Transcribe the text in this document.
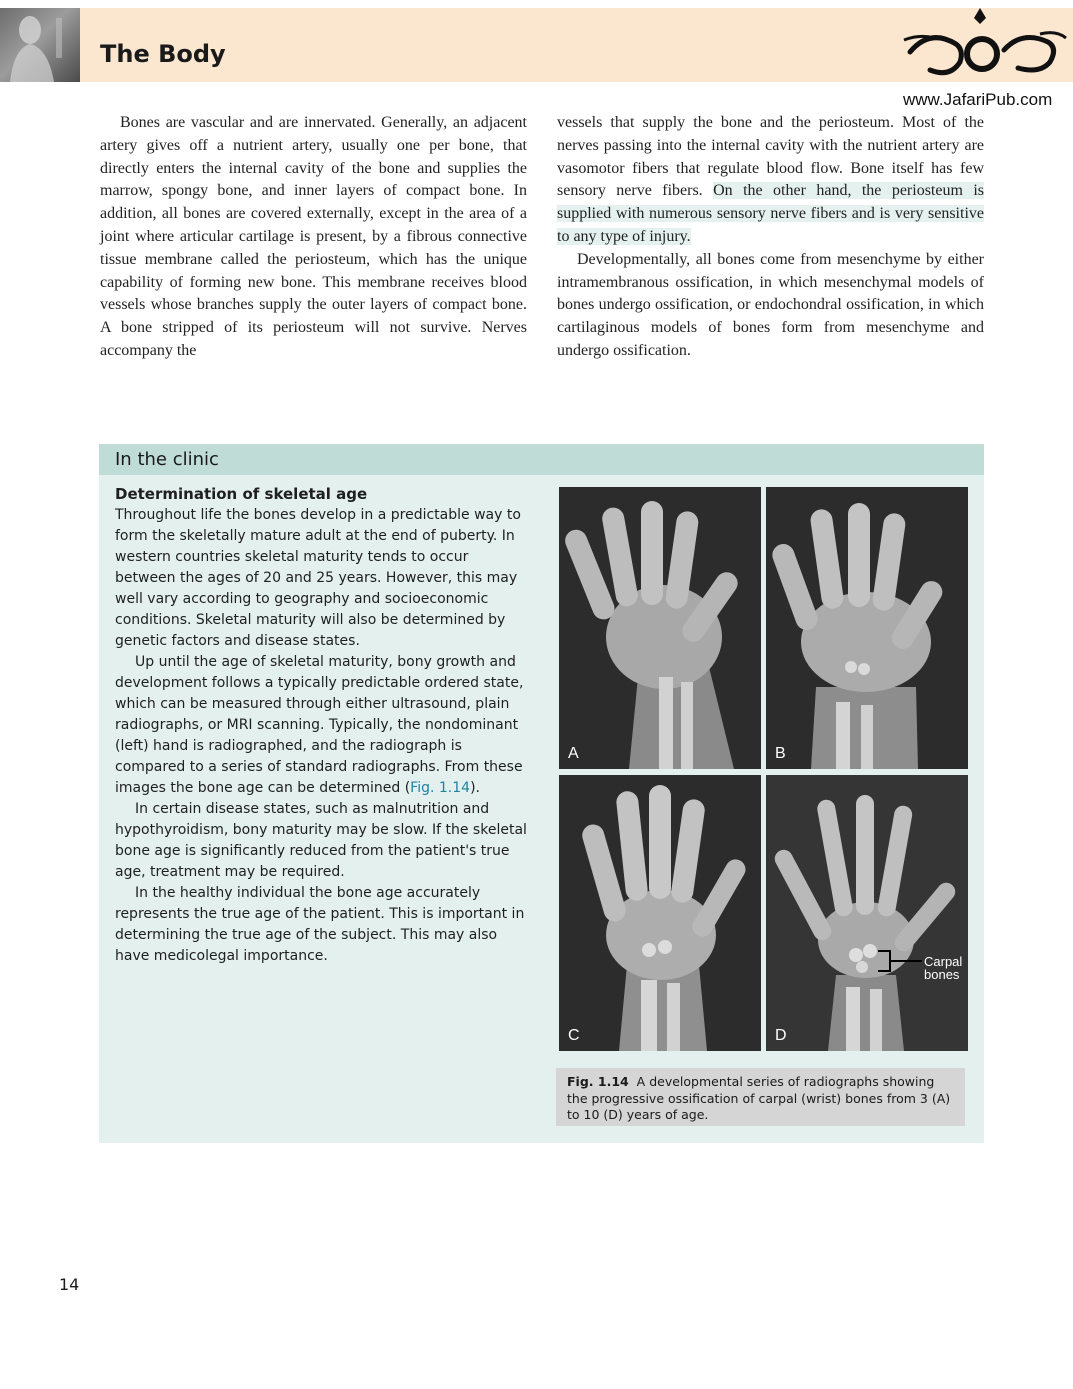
The Body
www.JafariPub.com

Bones are vascular and are innervated. Generally, an adjacent artery gives off a nutrient artery, usually one per bone, that directly enters the internal cavity of the bone and supplies the marrow, spongy bone, and inner layers of compact bone. In addition, all bones are covered externally, except in the area of a joint where articular cartilage is present, by a fibrous connective tissue membrane called the periosteum, which has the unique capability of forming new bone. This membrane receives blood vessels whose branches supply the outer layers of compact bone. A bone stripped of its periosteum will not survive. Nerves accompany the

vessels that supply the bone and the periosteum. Most of the nerves passing into the internal cavity with the nutrient artery are vasomotor fibers that regulate blood flow. Bone itself has few sensory nerve fibers. On the other hand, the periosteum is supplied with numerous sensory nerve fibers and is very sensitive to any type of injury.

Developmentally, all bones come from mesenchyme by either intramembranous ossification, in which mesenchymal models of bones undergo ossification, or endochondral ossification, in which cartilaginous models of bones form from mesenchyme and undergo ossification.

In the clinic
Determination of skeletal age

Throughout life the bones develop in a predictable way to form the skeletally mature adult at the end of puberty. In western countries skeletal maturity tends to occur between the ages of 20 and 25 years. However, this may well vary according to geography and socioeconomic conditions. Skeletal maturity will also be determined by genetic factors and disease states.

Up until the age of skeletal maturity, bony growth and development follows a typically predictable ordered state, which can be measured through either ultrasound, plain radiographs, or MRI scanning. Typically, the nondominant (left) hand is radiographed, and the radiograph is compared to a series of standard radiographs. From these images the bone age can be determined (Fig. 1.14).

In certain disease states, such as malnutrition and hypothyroidism, bony maturity may be slow. If the skeletal bone age is significantly reduced from the patient's true age, treatment may be required.

In the healthy individual the bone age accurately represents the true age of the patient. This is important in determining the true age of the subject. This may also have medicolegal importance.

A	B
C
Carpal
bones
D
Fig. 1.14 A developmental series of radiographs showing the progressive ossification of carpal (wrist) bones from 3 (A) to 10 (D) years of age.
14
